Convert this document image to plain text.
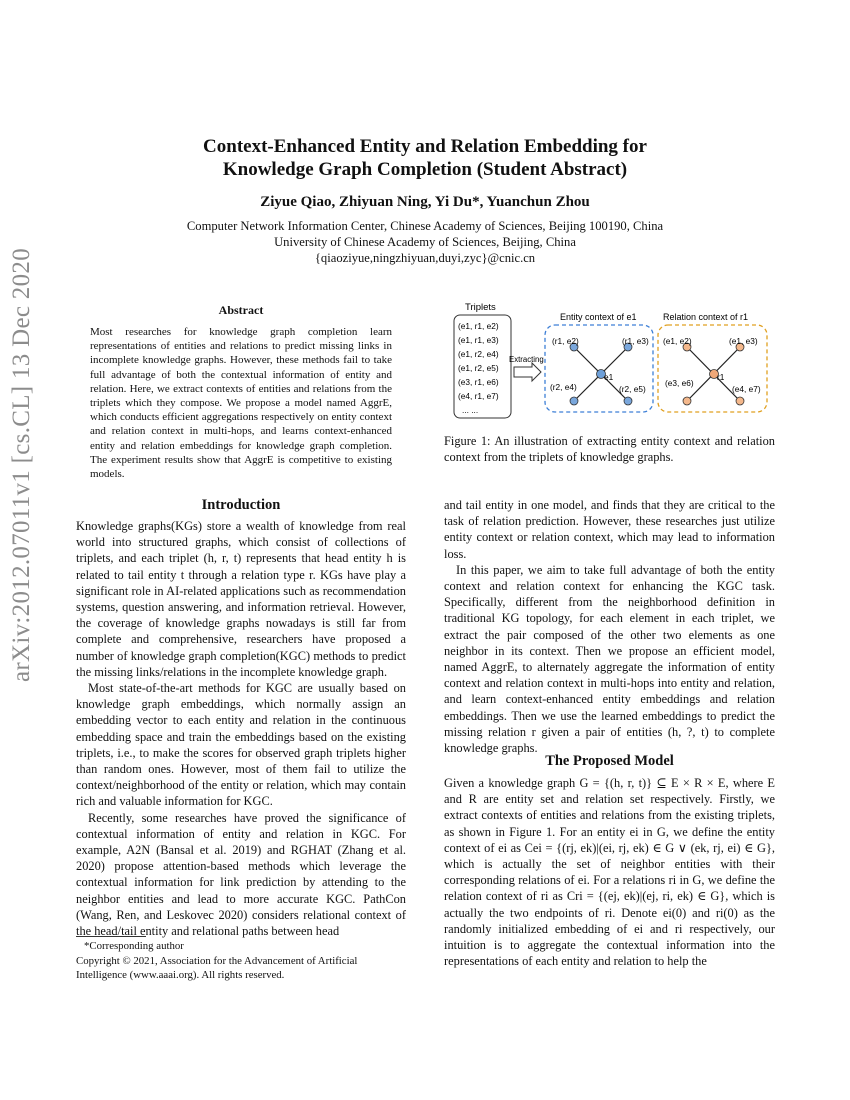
arXiv:2012.07011v1 [cs.CL] 13 Dec 2020
Context-Enhanced Entity and Relation Embedding for
Knowledge Graph Completion (Student Abstract)
Ziyue Qiao, Zhiyuan Ning, Yi Du*, Yuanchun Zhou
Computer Network Information Center, Chinese Academy of Sciences, Beijing 100190, China
University of Chinese Academy of Sciences, Beijing, China
{qiaoziyue,ningzhiyuan,duyi,zyc}@cnic.cn
Abstract
Most researches for knowledge graph completion learn representations of entities and relations to predict missing links in incomplete knowledge graphs. However, these methods fail to take full advantage of both the contextual information of entity and relation. Here, we extract contexts of entities and relations from the triplets which they compose. We propose a model named AggrE, which conducts efficient aggregations respectively on entity context and relation context in multi-hops, and learns context-enhanced entity and relation embeddings for knowledge graph completion. The experiment results show that AggrE is competitive to existing models.
Introduction

Knowledge graphs(KGs) store a wealth of knowledge from real world into structured graphs, which consist of collections of triplets, and each triplet (h, r, t) represents that head entity h is related to tail entity t through a relation type r. KGs have play a significant role in AI-related applications such as recommendation systems, question answering, and information retrieval. However, the coverage of knowledge graphs nowadays is still far from complete and comprehensive, researchers have proposed a number of knowledge graph completion(KGC) methods to predict the missing links/relations in the incomplete knowledge graph.

Most state-of-the-art methods for KGC are usually based on knowledge graph embeddings, which normally assign an embedding vector to each entity and relation in the continuous embedding space and train the embeddings based on the existing triplets, i.e., to make the scores for observed graph triplets higher than random ones. However, most of them fail to utilize the context/neighborhood of the entity or relation, which may contain rich and valuable information for KGC.

Recently, some researches have proved the significance of contextual information of entity and relation in KGC. For example, A2N (Bansal et al. 2019) and RGHAT (Zhang et al. 2020) propose attention-based methods which leverage the contextual information for link prediction by attending to the neighbor entities and lead to more accurate KGC. PathCon (Wang, Ren, and Leskovec 2020) considers relational context of the head/tail entity and relational paths between head

*Corresponding author
Copyright © 2021, Association for the Advancement of Artificial Intelligence (www.aaai.org). All rights reserved.
Triplets
(e1, r1, e2)
(e1, r1, e3)
(e1, r2, e4)
(e1, r2, e5)
(e3, r1, e6)
(e4, r1, e7)
... ...
Extracting
Entity context of e1
e1
(r1, e2)	(r1, e3)
(r2, e4)	(r2, e5)
Relation context of r1
r1
(e1, e2)	(e1, e3)
(e3, e6)
(e4, e7)
Figure 1: An illustration of extracting entity context and relation context from the triplets of knowledge graphs.

and tail entity in one model, and finds that they are critical to the task of relation prediction. However, these researches just utilize entity context or relation context, which may lead to information loss.

In this paper, we aim to take full advantage of both the entity context and relation context for enhancing the KGC task. Specifically, different from the neighborhood definition in traditional KG topology, for each element in each triplet, we extract the pair composed of the other two elements as one neighbor in its context. Then we propose an efficient model, named AggrE, to alternately aggregate the information of entity context and relation context in multi-hops into entity and relation, and learn context-enhanced entity embeddings and relation embeddings. Then we use the learned embeddings to predict the missing relation r given a pair of entities (h, ?, t) to complete knowledge graphs.

The Proposed Model

Given a knowledge graph G = {(h, r, t)} ⊆ E × R × E, where E and R are entity set and relation set respectively. Firstly, we extract contexts of entities and relations from the existing triplets, as shown in Figure 1. For an entity ei in G, we define the entity context of ei as Cei = {(rj, ek)|(ei, rj, ek) ∈ G ∨ (ek, rj, ei) ∈ G}, which is actually the set of neighbor entities with their corresponding relations of ei. For a relations ri in G, we define the relation context of ri as Cri = {(ej, ek)|(ej, ri, ek) ∈ G}, which is actually the two endpoints of ri. Denote ei(0) and ri(0) as the randomly initialized embedding of ei and ri respectively, our intuition is to aggregate the contextual information into the representations of each entity and relation to help the
